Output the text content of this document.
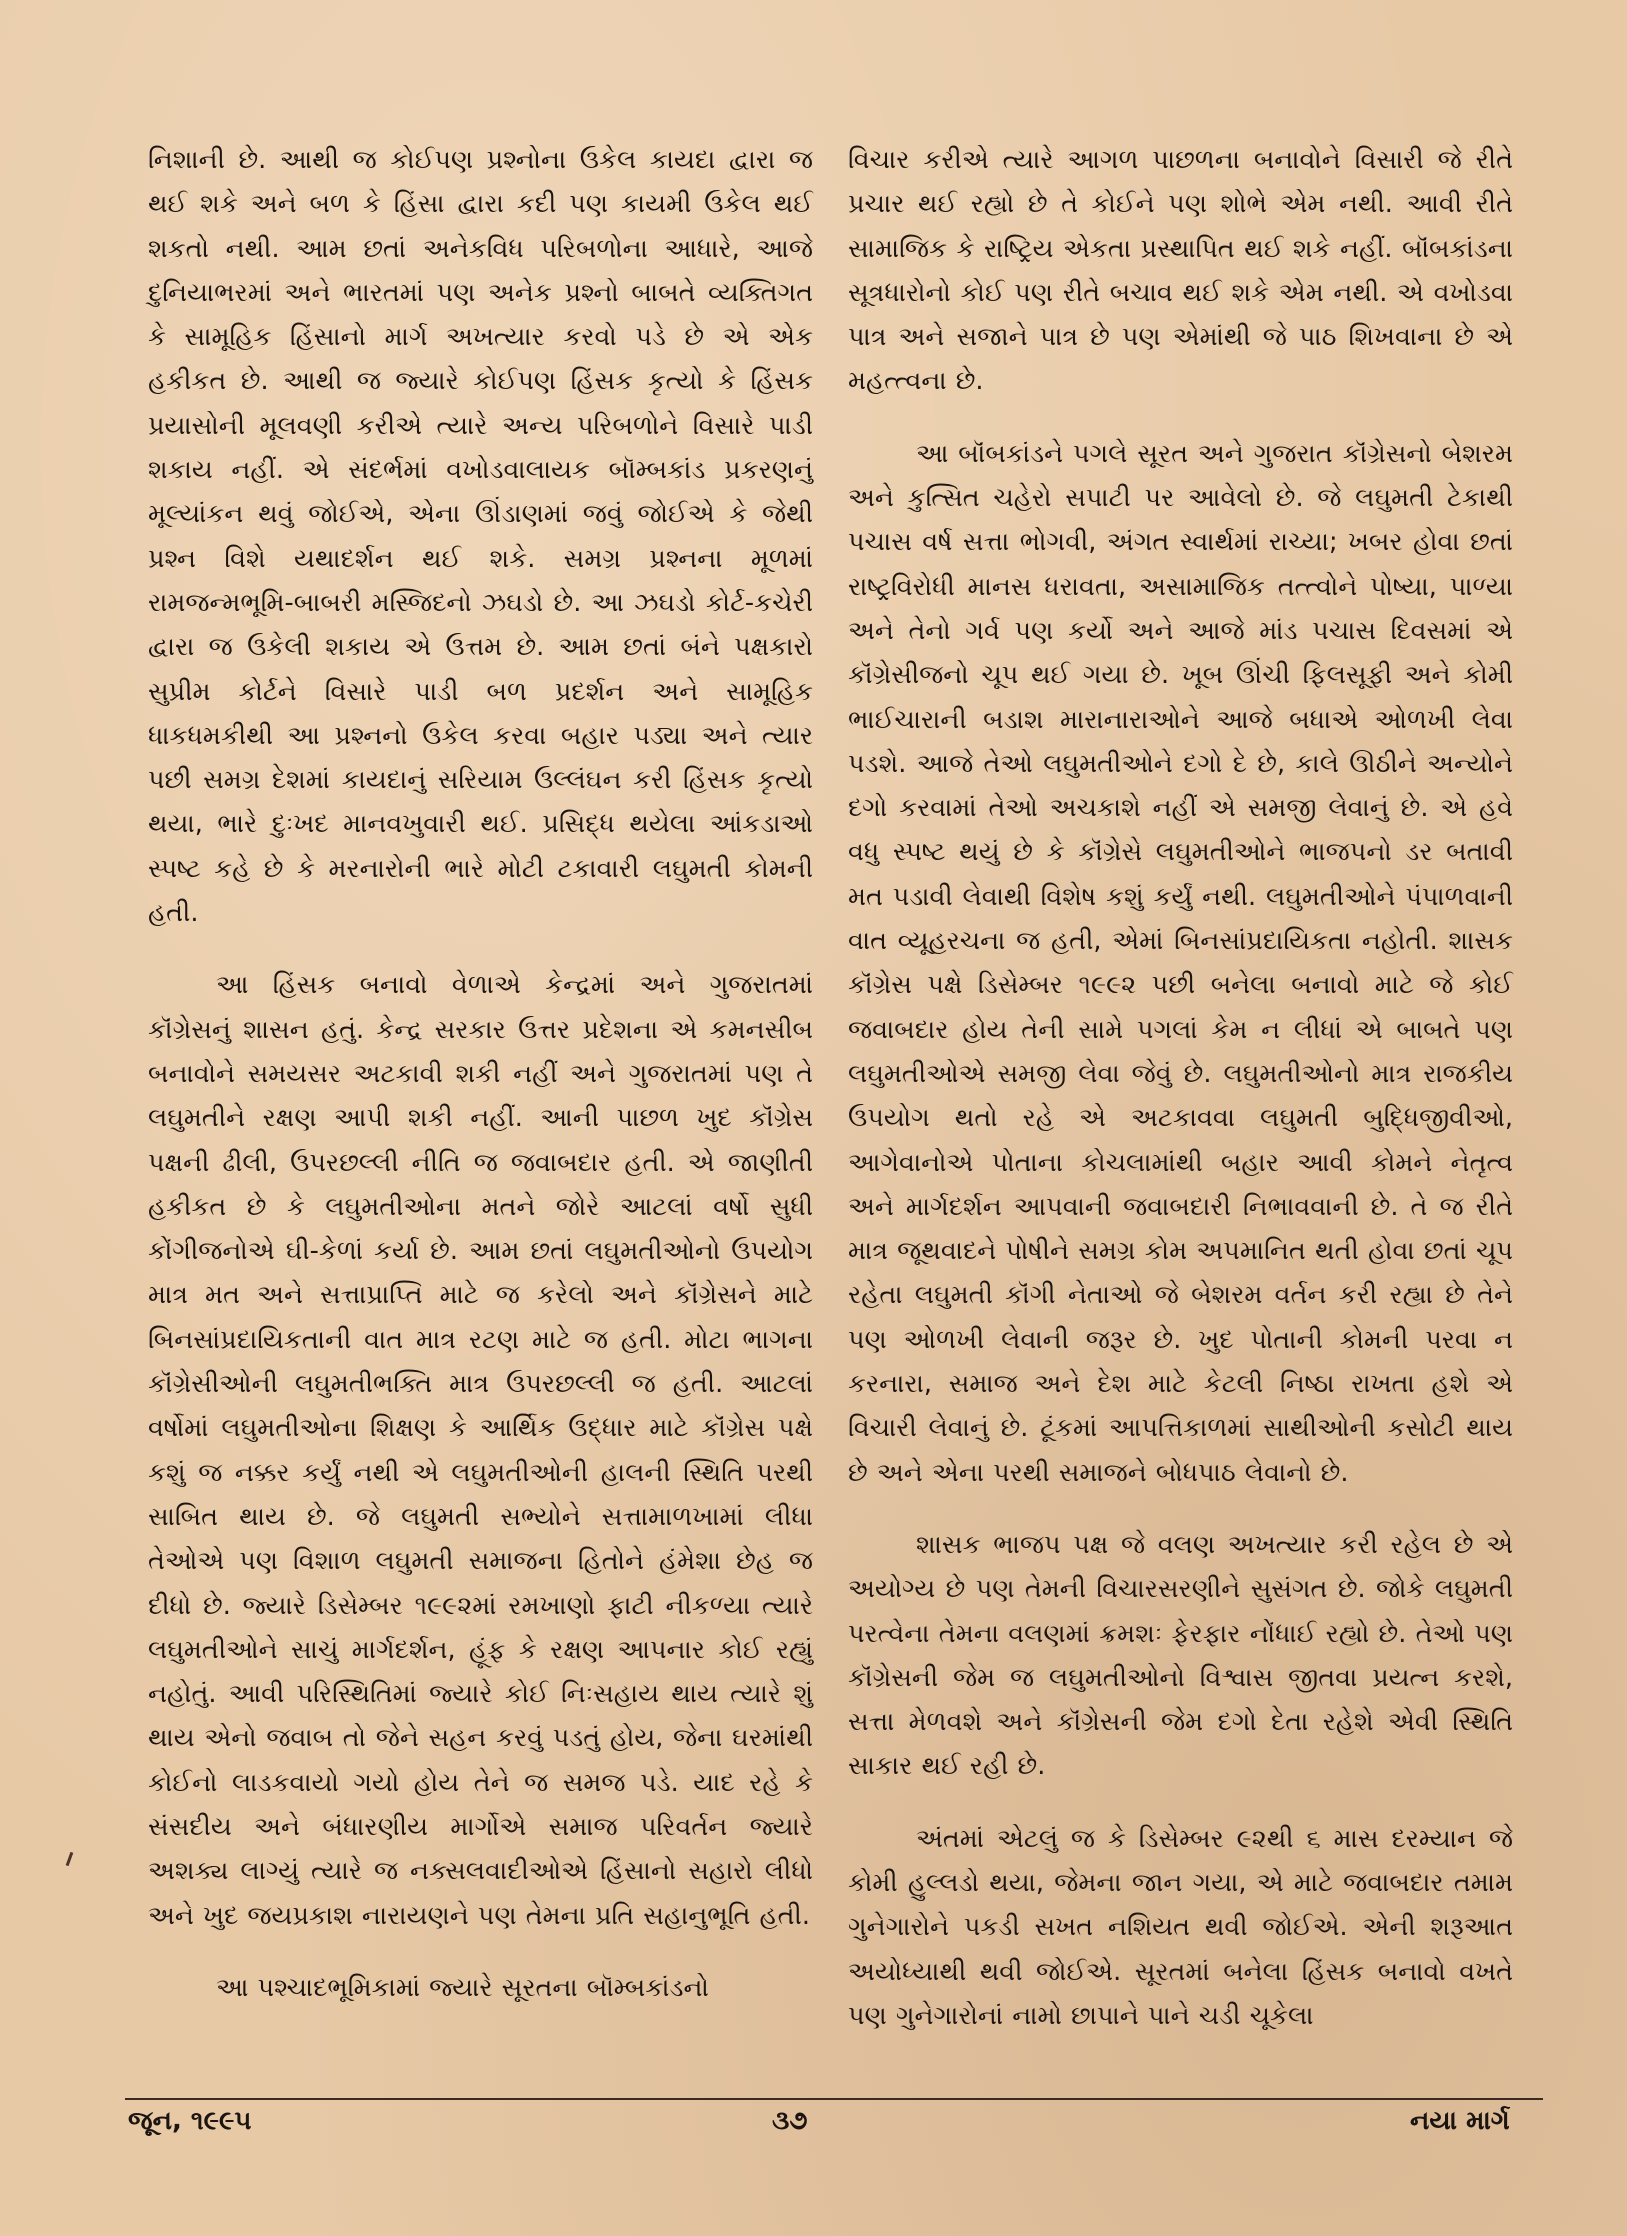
નિશાની છે. આથી જ કોઈપણ પ્રશ્નોના ઉકેલ કાયદા દ્વારા જ થઈ શકે અને બળ કે હિંસા દ્વારા કદી પણ કાયમી ઉકેલ થઈ શકતો નથી. આમ છતાં અનેકવિધ પરિબળોના આધારે, આજે દુનિયાભરમાં અને ભારતમાં પણ અનેક પ્રશ્નો બાબતે વ્યક્તિગત કે સામૂહિક હિંસાનો માર્ગ અખત્યાર કરવો પડે છે એ એક હકીકત છે. આથી જ જ્યારે કોઈપણ હિંસક કૃત્યો કે હિંસક પ્રયાસોની મૂલવણી કરીએ ત્યારે અન્ય પરિબળોને વિસારે પાડી શકાય નહીં. એ સંદર્ભમાં વખોડવાલાયક બૉમ્બકાંડ પ્રકરણનું મૂલ્યાંકન થવું જોઈએ, એના ઊંડાણમાં જવું જોઈએ કે જેથી પ્રશ્ન વિશે યથાદર્શન થઈ શકે. સમગ્ર પ્રશ્નના મૂળમાં રામજન્મભૂમિ-બાબરી મસ્જિદનો ઝઘડો છે. આ ઝઘડો કોર્ટ-કચેરી દ્વારા જ ઉકેલી શકાય એ ઉત્તમ છે. આમ છતાં બંને પક્ષકારો સુપ્રીમ કોર્ટને વિસારે પાડી બળ પ્રદર્શન અને સામૂહિક ધાકધમકીથી આ પ્રશ્નનો ઉકેલ કરવા બહાર પડ્યા અને ત્યાર પછી સમગ્ર દેશમાં કાયદાનું સરિયામ ઉલ્લંઘન કરી હિંસક કૃત્યો થયા, ભારે દુઃખદ માનવખુવારી થઈ. પ્રસિદ્ધ થયેલા આંકડાઓ સ્પષ્ટ કહે છે કે મરનારોની ભારે મોટી ટકાવારી લઘુમતી કોમની હતી.

આ હિંસક બનાવો વેળાએ કેન્દ્રમાં અને ગુજરાતમાં કૉંગ્રેસનું શાસન હતું. કેન્દ્ર સરકાર ઉત્તર પ્રદેશના એ કમનસીબ બનાવોને સમયસર અટકાવી શકી નહીં અને ગુજરાતમાં પણ તે લઘુમતીને રક્ષણ આપી શકી નહીં. આની પાછળ ખુદ કૉંગ્રેસ પક્ષની ઢીલી, ઉપરછલ્લી નીતિ જ જવાબદાર હતી. એ જાણીતી હકીકત છે કે લઘુમતીઓના મતને જોરે આટલાં વર્ષો સુધી કોંગીજનોએ ઘી-કેળાં કર્યા છે. આમ છતાં લઘુમતીઓનો ઉપયોગ માત્ર મત અને સત્તાપ્રાપ્તિ માટે જ કરેલો અને કૉંગ્રેસને માટે બિનસાંપ્રદાયિકતાની વાત માત્ર રટણ માટે જ હતી. મોટા ભાગના કૉંગ્રેસીઓની લઘુમતીભક્તિ માત્ર ઉપરછલ્લી જ હતી. આટલાં વર્ષોમાં લઘુમતીઓના શિક્ષણ કે આર્થિક ઉદ્ધાર માટે કૉંગ્રેસ પક્ષે કશું જ નક્કર કર્યું નથી એ લઘુમતીઓની હાલની સ્થિતિ પરથી સાબિત થાય છે. જે લઘુમતી સભ્યોને સત્તામાળખામાં લીધા તેઓએ પણ વિશાળ લઘુમતી સમાજના હિતોને હંમેશા છેહ જ દીધો છે. જ્યારે ડિસેમ્બર ૧૯૯૨માં રમખાણો ફાટી નીકળ્યા ત્યારે લઘુમતીઓને સાચું માર્ગદર્શન, હૂંફ કે રક્ષણ આપનાર કોઈ રહ્યું નહોતું. આવી પરિસ્થિતિમાં જ્યારે કોઈ નિઃસહાય થાય ત્યારે શું થાય એનો જવાબ તો જેને સહન કરવું પડતું હોય, જેના ઘરમાંથી કોઈનો લાડકવાયો ગયો હોય તેને જ સમજ પડે. યાદ રહે કે સંસદીય અને બંધારણીય માર્ગોએ સમાજ પરિવર્તન જ્યારે અશક્ય લાગ્યું ત્યારે જ નક્સલવાદીઓએ હિંસાનો સહારો લીધો અને ખુદ જયપ્રકાશ નારાયણને પણ તેમના પ્રતિ સહાનુભૂતિ હતી.

આ પશ્ચાદભૂમિકામાં જ્યારે સૂરતના બૉમ્બકાંડનો

વિચાર કરીએ ત્યારે આગળ પાછળના બનાવોને વિસારી જે રીતે પ્રચાર થઈ રહ્યો છે તે કોઈને પણ શોભે એમ નથી. આવી રીતે સામાજિક કે રાષ્ટ્રિય એકતા પ્રસ્થાપિત થઈ શકે નહીં. બૉંબકાંડના સૂત્રધારોનો કોઈ પણ રીતે બચાવ થઈ શકે એમ નથી. એ વખોડવા પાત્ર અને સજાને પાત્ર છે પણ એમાંથી જે પાઠ શિખવાના છે એ મહત્ત્વના છે.

આ બૉંબકાંડને પગલે સૂરત અને ગુજરાત કૉંગ્રેસનો બેશરમ અને કુત્સિત ચહેરો સપાટી પર આવેલો છે. જે લઘુમતી ટેકાથી પચાસ વર્ષ સત્તા ભોગવી, અંગત સ્વાર્થમાં રાચ્યા; ખબર હોવા છતાં રાષ્ટ્રવિરોધી માનસ ધરાવતા, અસામાજિક તત્ત્વોને પોષ્યા, પાળ્યા અને તેનો ગર્વ પણ કર્યો અને આજે માંડ પચાસ દિવસમાં એ કૉંગ્રેસીજનો ચૂપ થઈ ગયા છે. ખૂબ ઊંચી ફિલસૂફી અને કોમી ભાઈચારાની બડાશ મારાનારાઓને આજે બધાએ ઓળખી લેવા પડશે. આજે તેઓ લઘુમતીઓને દગો દે છે, કાલે ઊઠીને અન્યોને દગો કરવામાં તેઓ અચકાશે નહીં એ સમજી લેવાનું છે. એ હવે વધુ સ્પષ્ટ થયું છે કે કૉંગ્રેસે લઘુમતીઓને ભાજપનો ડર બતાવી મત પડાવી લેવાથી વિશેષ કશું કર્યું નથી. લઘુમતીઓને પંપાળવાની વાત વ્યૂહરચના જ હતી, એમાં બિનસાંપ્રદાયિકતા નહોતી. શાસક કૉંગ્રેસ પક્ષે ડિસેમ્બર ૧૯૯૨ પછી બનેલા બનાવો માટે જે કોઈ જવાબદાર હોય તેની સામે પગલાં કેમ ન લીધાં એ બાબતે પણ લઘુમતીઓએ સમજી લેવા જેવું છે. લઘુમતીઓનો માત્ર રાજકીય ઉપયોગ થતો રહે એ અટકાવવા લઘુમતી બુદ્ધિજીવીઓ, આગેવાનોએ પોતાના કોચલામાંથી બહાર આવી કોમને નેતૃત્વ અને માર્ગદર્શન આપવાની જવાબદારી નિભાવવાની છે. તે જ રીતે માત્ર જૂથવાદને પોષીને સમગ્ર કોમ અપમાનિત થતી હોવા છતાં ચૂપ રહેતા લઘુમતી કૉંગી નેતાઓ જે બેશરમ વર્તન કરી રહ્યા છે તેને પણ ઓળખી લેવાની જરૂર છે. ખુદ પોતાની કોમની પરવા ન કરનારા, સમાજ અને દેશ માટે કેટલી નિષ્ઠા રાખતા હશે એ વિચારી લેવાનું છે. ટૂંકમાં આપત્તિકાળમાં સાથીઓની કસોટી થાય છે અને એના પરથી સમાજને બોધપાઠ લેવાનો છે.

શાસક ભાજપ પક્ષ જે વલણ અખત્યાર કરી રહેલ છે એ અયોગ્ય છે પણ તેમની વિચારસરણીને સુસંગત છે. જોકે લઘુમતી પરત્વેના તેમના વલણમાં ક્રમશઃ ફેરફાર નોંધાઈ રહ્યો છે. તેઓ પણ કૉંગ્રેસની જેમ જ લઘુમતીઓનો વિશ્વાસ જીતવા પ્રયત્ન કરશે, સત્તા મેળવશે અને કૉંગ્રેસની જેમ દગો દેતા રહેશે એવી સ્થિતિ સાકાર થઈ રહી છે.

અંતમાં એટલું જ કે ડિસેમ્બર ૯૨થી ૬ માસ દરમ્યાન જે કોમી હુલ્લડો થયા, જેમના જાન ગયા, એ માટે જવાબદાર તમામ ગુનેગારોને પકડી સખત નશિયત થવી જોઈએ. એની શરૂઆત અયોધ્યાથી થવી જોઈએ. સૂરતમાં બનેલા હિંસક બનાવો વખતે પણ ગુનેગારોનાં નામો છાપાને પાને ચડી ચૂકેલા

જૂન, ૧૯૯૫	૩૭	નયા માર્ગ
